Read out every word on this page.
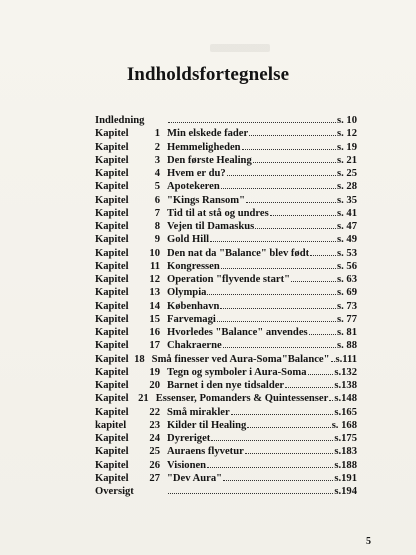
Indholdsfortegnelse
Indledning	s. 10
Kapitel	1 Min elskede fader	s. 12
Kapitel	2 Hemmeligheden	s. 19
Kapitel	3 Den første Healing	s. 21
Kapitel	4 Hvem er du?	s. 25
Kapitel	5 Apotekeren	s. 28
Kapitel	6 "Kings Ransom"	s. 35
Kapitel	7 Tid til at stå og undres	s. 41
Kapitel	8 Vejen til Damaskus	s. 47
Kapitel	9 Gold Hill	s. 49
Kapitel	10 Den nat da "Balance" blev født	s. 53
Kapitel	11 Kongressen	s. 56
Kapitel	12 Operation "flyvende start"	s. 63
Kapitel	13 Olympia	s. 69
Kapitel	14 København	s. 73
Kapitel	15 Farvemagi	s. 77
Kapitel	16 Hvorledes "Balance" anvendes	s. 81
Kapitel	17 Chakraerne	s. 88
Kapitel 18 Små finesser ved Aura-Soma"Balance" s.111
Kapitel	19 Tegn og symboler i Aura-Soma	s.132
Kapitel	20 Barnet i den nye tidsalder	s.138
Kapitel 21 Essenser, Pomanders & Quintessenser s.148
Kapitel	22 Små mirakler	s.165
kapitel	23 Kilder til Healing	s. 168
Kapitel	24 Dyreriget	s.175
Kapitel	25 Auraens flyvetur	s.183
Kapitel	26 Visionen	s.188
Kapitel	27 "Dev Aura"	s.191
Oversigt	s.194
5
